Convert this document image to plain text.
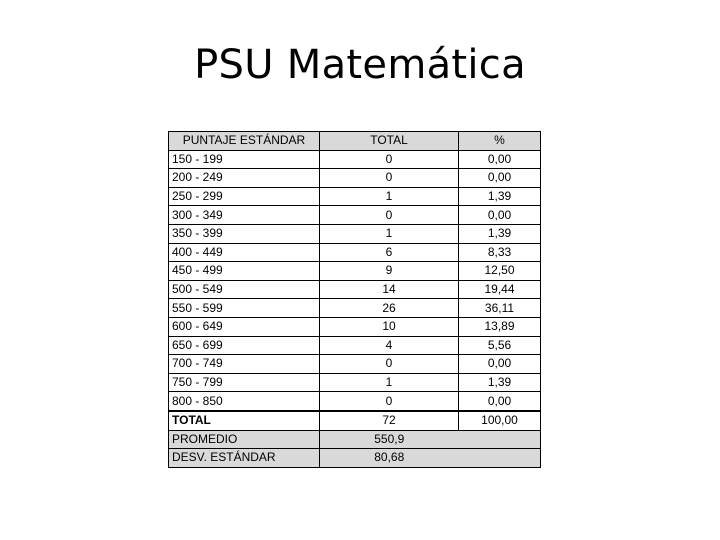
PSU Matemática
PUNTAJE ESTÁNDAR	TOTAL	%
150 - 199	0	0,00
200 - 249	0	0,00
250 - 299	1	1,39
300 - 349	0	0,00
350 - 399	1	1,39
400 - 449	6	8,33
450 - 499	9	12,50
500 - 549	14	19,44
550 - 599	26	36,11
600 - 649	10	13,89
650 - 699	4	5,56
700 - 749	0	0,00
750 - 799	1	1,39
800 - 850	0	0,00
TOTAL	72	100,00
PROMEDIO	550,9	
DESV. ESTÁNDAR	80,68	
